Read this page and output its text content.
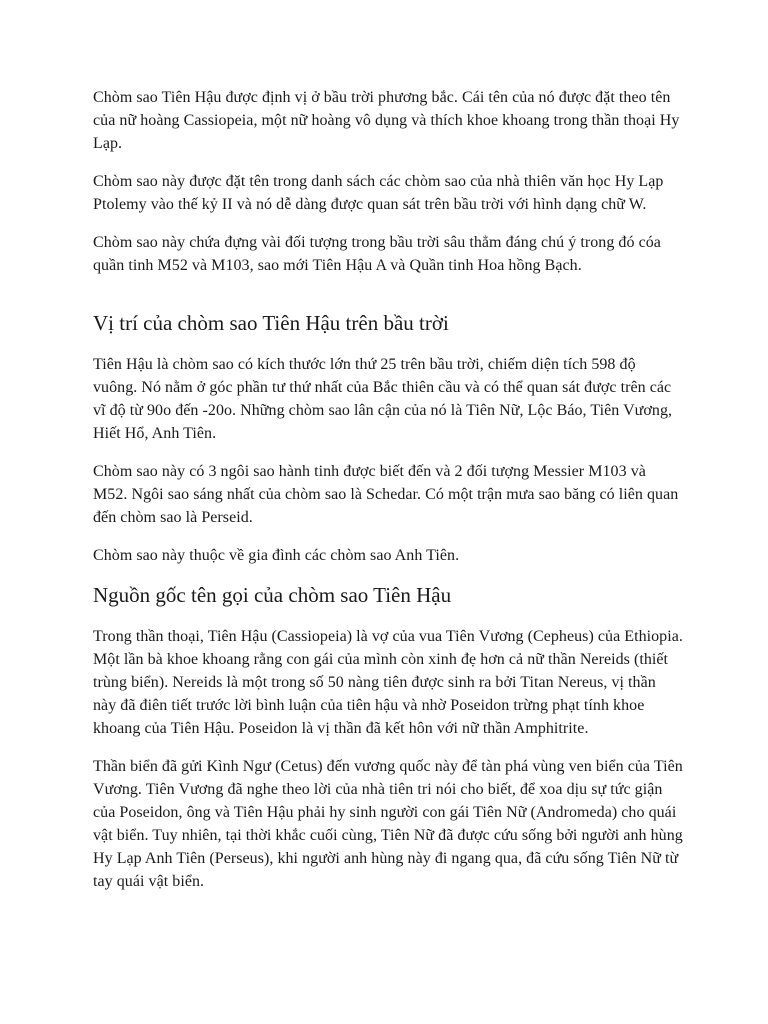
Chòm sao Tiên Hậu được định vị ở bầu trời phương bắc. Cái tên của nó được đặt theo tên của nữ hoàng Cassiopeia, một nữ hoàng vô dụng và thích khoe khoang trong thần thoại Hy Lạp.

Chòm sao này được đặt tên trong danh sách các chòm sao của nhà thiên văn học Hy Lạp Ptolemy vào thế kỷ II và nó dễ dàng được quan sát trên bầu trời với hình dạng chữ W.

Chòm sao này chứa đựng vài đối tượng trong bầu trời sâu thẳm đáng chú ý trong đó cóa quần tinh M52 và M103, sao mới Tiên Hậu A và Quần tinh Hoa hồng Bạch.

Vị trí của chòm sao Tiên Hậu trên bầu trời

Tiên Hậu là chòm sao có kích thước lớn thứ 25 trên bầu trời, chiếm diện tích 598 độ vuông. Nó nằm ở góc phần tư thứ nhất của Bắc thiên cầu và có thể quan sát được trên các vĩ độ từ 90o đến -20o. Những chòm sao lân cận của nó là Tiên Nữ, Lộc Báo, Tiên Vương, Hiết Hổ, Anh Tiên.

Chòm sao này có 3 ngôi sao hành tinh được biết đến và 2 đối tượng Messier M103 và M52. Ngôi sao sáng nhất của chòm sao là Schedar. Có một trận mưa sao băng có liên quan đến chòm sao là Perseid.

Chòm sao này thuộc về gia đình các chòm sao Anh Tiên.

Nguồn gốc tên gọi của chòm sao Tiên Hậu

Trong thần thoại, Tiên Hậu (Cassiopeia) là vợ của vua Tiên Vương (Cepheus) của Ethiopia. Một lần bà khoe khoang rằng con gái của mình còn xinh đẹ hơn cả nữ thần Nereids (thiết trùng biển). Nereids là một trong số 50 nàng tiên được sinh ra bởi Titan Nereus, vị thần này đã điên tiết trước lời bình luận của tiên hậu và nhờ Poseidon trừng phạt tính khoe khoang của Tiên Hậu. Poseidon là vị thần đã kết hôn với nữ thần Amphitrite.

Thần biển đã gửi Kình Ngư (Cetus) đến vương quốc này để tàn phá vùng ven biển của Tiên Vương. Tiên Vương đã nghe theo lời của nhà tiên tri nói cho biết, để xoa dịu sự tức giận của Poseidon, ông và Tiên Hậu phải hy sinh người con gái Tiên Nữ (Andromeda) cho quái vật biển. Tuy nhiên, tại thời khắc cuối cùng, Tiên Nữ đã được cứu sống bởi người anh hùng Hy Lạp Anh Tiên (Perseus), khi người anh hùng này đi ngang qua, đã cứu sống Tiên Nữ từ tay quái vật biển.
